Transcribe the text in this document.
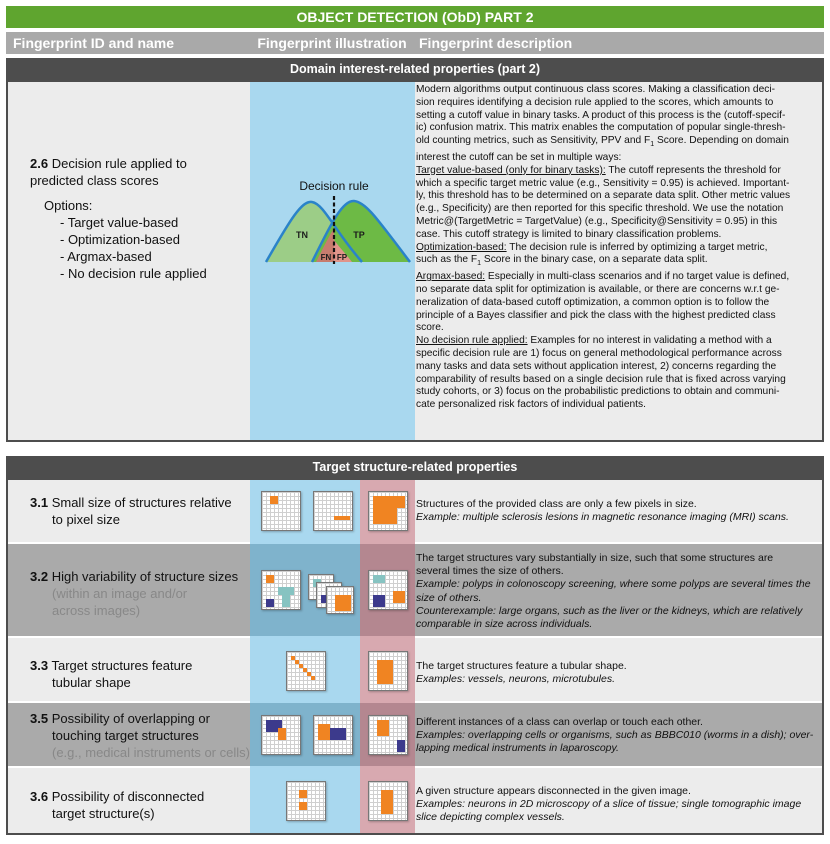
OBJECT DETECTION (ObD) PART 2
Fingerprint ID and name	Fingerprint illustration Fingerprint description
Domain interest-related properties (part 2)
2.6 Decision rule applied to
predicted class scores
Options:
- Target value-based
- Optimization-based
- Argmax-based
- No decision rule applied
Decision rule
TN	TP
FN FP
Modern algorithms output continuous class scores. Making a classification deci-
sion requires identifying a decision rule applied to the scores, which amounts to
setting a cutoff value in binary tasks. A product of this process is the (cutoff-specif-
ic) confusion matrix. This matrix enables the computation of popular single-thresh-
old counting metrics, such as Sensitivity, PPV and $F_1$ Score. Depending on domain
interest the cutoff can be set in multiple ways:
Target value-based (only for binary tasks): The cutoff represents the threshold for
which a specific target metric value (e.g., Sensitivity = 0.95) is achieved. Important-
ly, this threshold has to be determined on a separate data split. Other metric values
(e.g., Specificity) are then reported for this specific threshold. We use the notation
Metric@(TargetMetric = TargetValue) (e.g., Specificity@Sensitivity = 0.95) in this
case. This cutoff strategy is limited to binary classification problems.
Optimization-based: The decision rule is inferred by optimizing a target metric,
such as the $F_1$ Score in the binary case, on a separate data split.
Argmax-based: Especially in multi-class scenarios and if no target value is defined,
no separate data split for optimization is available, or there are concerns w.r.t ge-
neralization of data-based cutoff optimization, a common option is to follow the
principle of a Bayes classifier and pick the class with the highest predicted class
score.
No decision rule applied: Examples for no interest in validating a method with a
specific decision rule are 1) focus on general methodological performance across
many tasks and data sets without application interest, 2) concerns regarding the
comparability of results based on a single decision rule that is fixed across varying
study cohorts, or 3) focus on the probabilistic predictions to obtain and communi-
cate personalized risk factors of individual patients.
Target structure-related properties
3.1 Small size of structures relative
to pixel size
Structures of the provided class are only a few pixels in size.
Example: multiple sclerosis lesions in magnetic resonance imaging (MRI) scans.
3.2 High variability of structure sizes
(within an image and/or
across images)
The target structures vary substantially in size, such that some structures are
several times the size of others.
Example: polyps in colonoscopy screening, where some polyps are several times the
size of others.
Counterexample: large organs, such as the liver or the kidneys, which are relatively
comparable in size across individuals.
3.3 Target structures feature
tubular shape
The target structures feature a tubular shape.
Examples: vessels, neurons, microtubules.
3.5 Possibility of overlapping or
touching target structures
(e.g., medical instruments or cells)
Different instances of a class can overlap or touch each other.
Examples: overlapping cells or organisms, such as BBBC010 (worms in a dish); over-
lapping medical instruments in laparoscopy.
3.6 Possibility of disconnected
target structure(s)
A given structure appears disconnected in the given image.
Examples: neurons in 2D microscopy of a slice of tissue; single tomographic image
slice depicting complex vessels.
